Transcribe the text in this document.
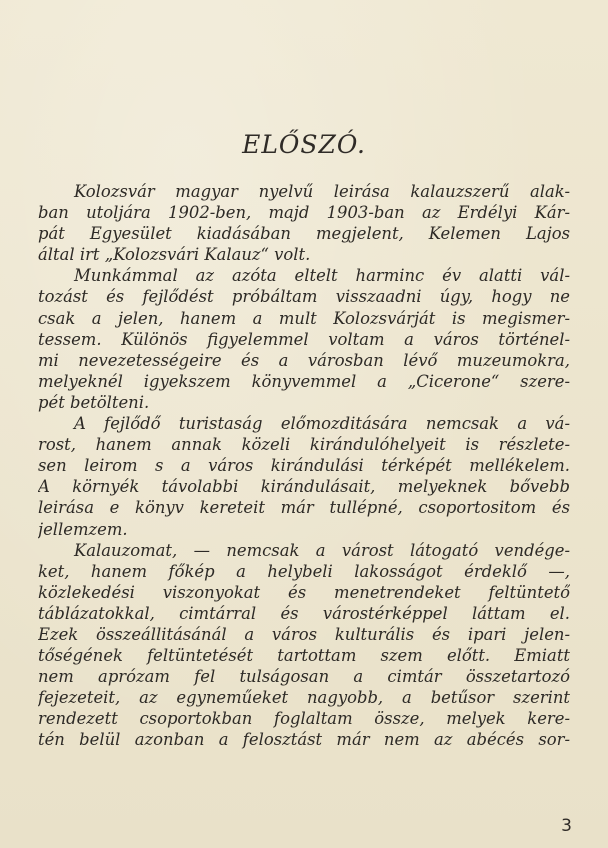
ELŐSZÓ.
Kolozsvár magyar nyelvű leirása kalauzszerű alak-
ban utoljára 1902-ben, majd 1903-ban az Erdélyi Kár-
pát Egyesület kiadásában megjelent, Kelemen Lajos
által irt „Kolozsvári Kalauz“ volt.
Munkámmal az azóta eltelt harminc év alatti vál-
tozást és fejlődést próbáltam visszaadni úgy, hogy ne
csak a jelen, hanem a mult Kolozsvárját is megismer-
tessem. Különös figyelemmel voltam a város történel-
mi nevezetességeire és a városban lévő muzeumokra,
melyeknél igyekszem könyvemmel a „Cicerone“ szere-
pét betölteni.
A fejlődő turistaság előmozditására nemcsak a vá-
rost, hanem annak közeli kirándulóhelyeit is részlete-
sen leirom s a város kirándulási térképét mellékelem.
A környék távolabbi kirándulásait, melyeknek bővebb
leirása e könyv kereteit már tullépné, csoportositom és
jellemzem.
Kalauzomat, — nemcsak a várost látogató vendége-
ket, hanem főkép a helybeli lakosságot érdeklő —,
közlekedési viszonyokat és menetrendeket feltüntető
táblázatokkal, cimtárral és várostérképpel láttam el.
Ezek összeállitásánál a város kulturális és ipari jelen-
tőségének feltüntetését tartottam szem előtt. Emiatt
nem aprózam fel tulságosan a cimtár összetartozó
fejezeteit, az egyneműeket nagyobb, a betűsor szerint
rendezett csoportokban foglaltam össze, melyek kere-
tén belül azonban a felosztást már nem az abécés sor-
3
